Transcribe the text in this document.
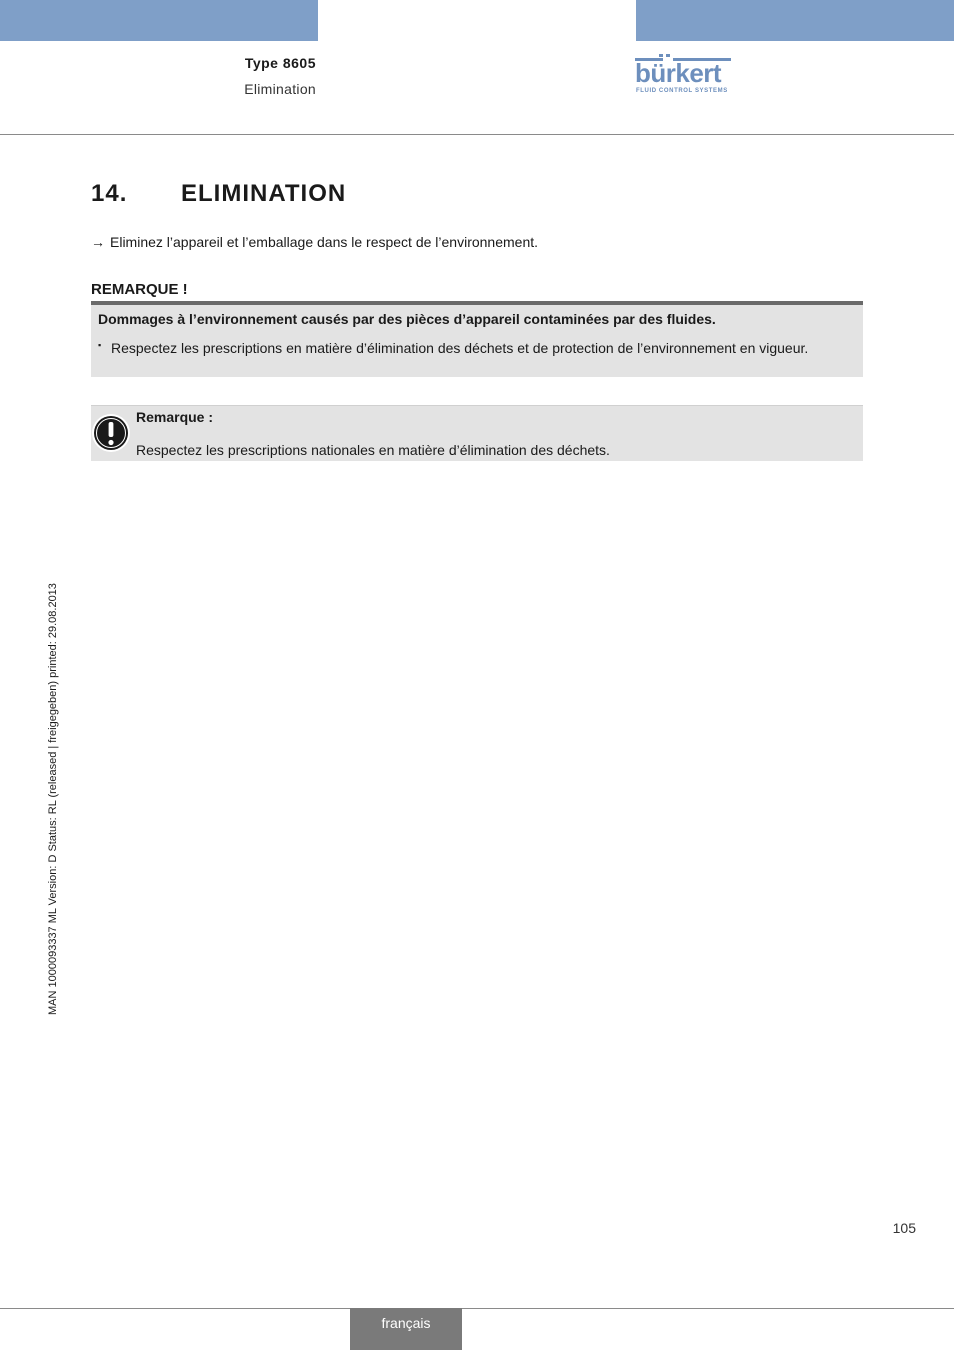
Type 8605
Elimination
bürkert
FLUID CONTROL SYSTEMS
14. ELIMINATION
→ Eliminez l’appareil et l’emballage dans le respect de l’environnement.
REMARQUE !
Dommages à l’environnement causés par des pièces d’appareil contaminées par des fluides.
▪ Respectez les prescriptions en matière d’élimination des déchets et de protection de l’environnement en vigueur.
Remarque :
Respectez les prescriptions nationales en matière d’élimination des déchets.
MAN 1000093337 ML Version: D Status: RL (released | freigegeben) printed: 29.08.2013
105
français
